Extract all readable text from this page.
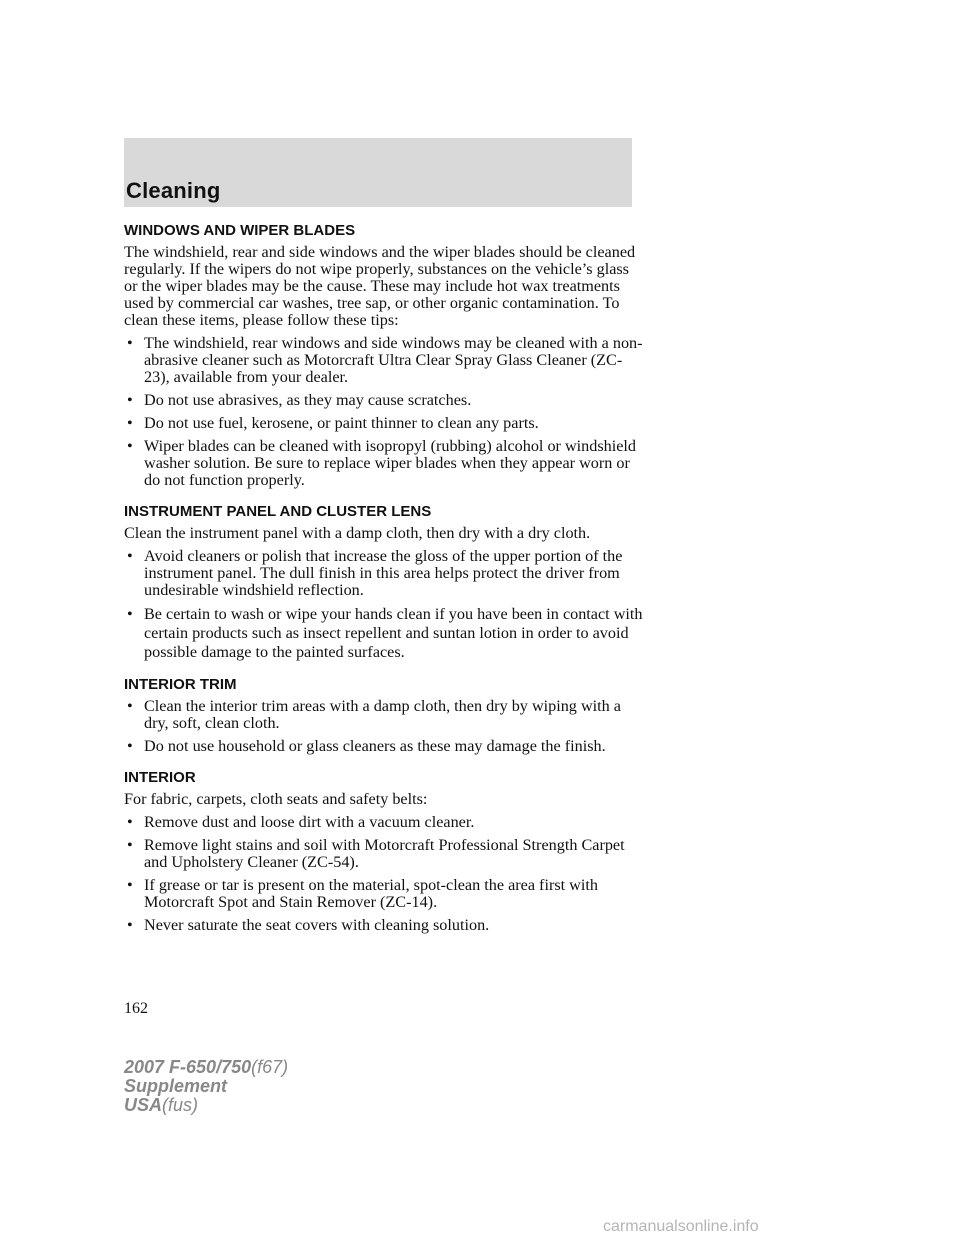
Cleaning
WINDOWS AND WIPER BLADES

The windshield, rear and side windows and the wiper blades should be cleaned regularly. If the wipers do not wipe properly, substances on the vehicle’s glass or the wiper blades may be the cause. These may include hot wax treatments used by commercial car washes, tree sap, or other organic contamination. To clean these items, please follow these tips:

• The windshield, rear windows and side windows may be cleaned with a non-abrasive cleaner such as Motorcraft Ultra Clear Spray Glass Cleaner (ZC-23), available from your dealer.
• Do not use abrasives, as they may cause scratches.
• Do not use fuel, kerosene, or paint thinner to clean any parts.
• Wiper blades can be cleaned with isopropyl (rubbing) alcohol or windshield washer solution. Be sure to replace wiper blades when they appear worn or do not function properly.
INSTRUMENT PANEL AND CLUSTER LENS

Clean the instrument panel with a damp cloth, then dry with a dry cloth.

• Avoid cleaners or polish that increase the gloss of the upper portion of the instrument panel. The dull finish in this area helps protect the driver from undesirable windshield reflection.
• Be certain to wash or wipe your hands clean if you have been in contact with certain products such as insect repellent and suntan lotion in order to avoid possible damage to the painted surfaces.
INTERIOR TRIM
• Clean the interior trim areas with a damp cloth, then dry by wiping with a dry, soft, clean cloth.
• Do not use household or glass cleaners as these may damage the finish.
INTERIOR

For fabric, carpets, cloth seats and safety belts:

• Remove dust and loose dirt with a vacuum cleaner.
• Remove light stains and soil with Motorcraft Professional Strength Carpet and Upholstery Cleaner (ZC-54).
• If grease or tar is present on the material, spot-clean the area first with Motorcraft Spot and Stain Remover (ZC-14).
• Never saturate the seat covers with cleaning solution.
162
2007 F-650/750(f67)
Supplement
USA(fus)
carmanualsonline.info
